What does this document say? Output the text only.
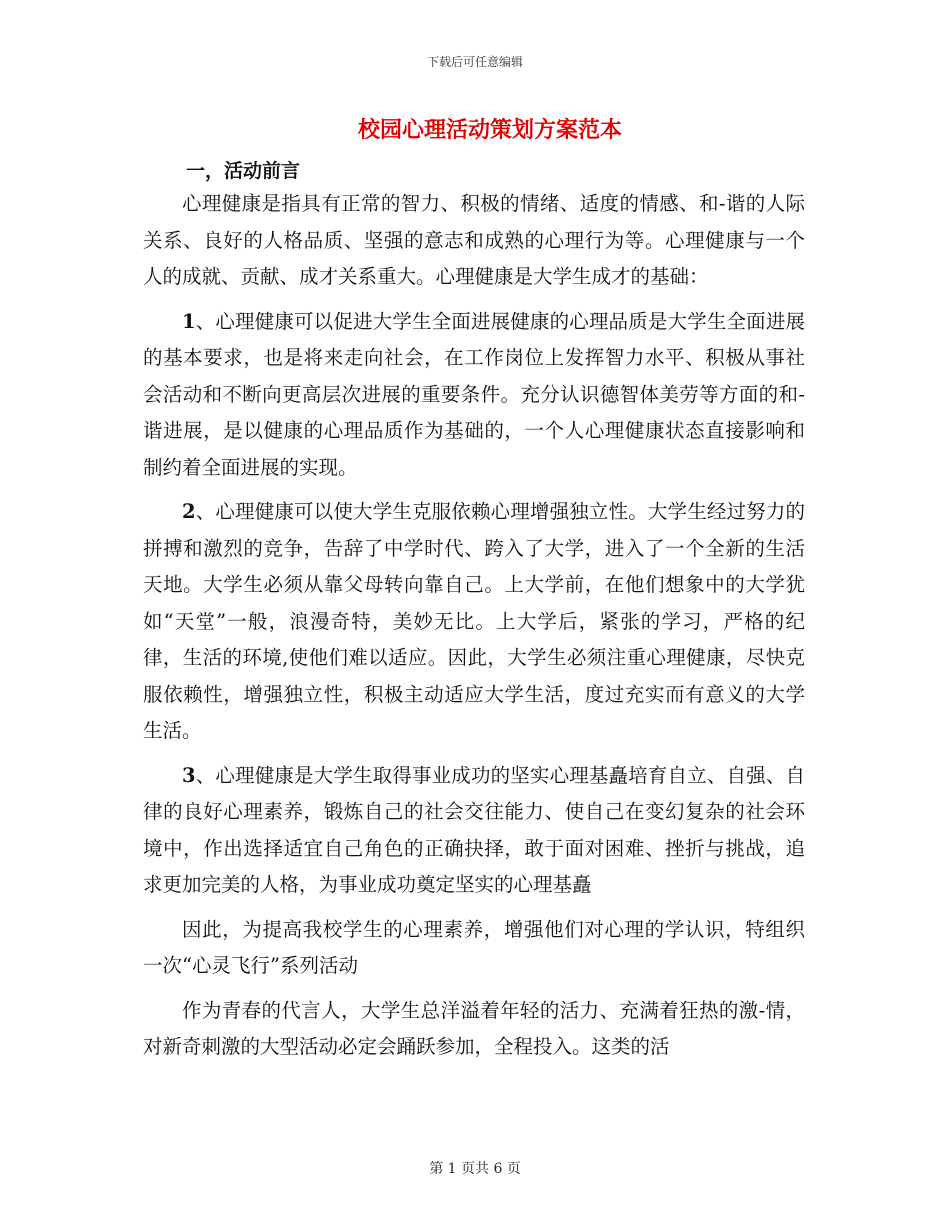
下载后可任意编辑
校园心理活动策划方案范本
一，活动前言

心理健康是指具有正常的智力、积极的情绪、适度的情感、和-谐的人际关系、良好的人格品质、坚强的意志和成熟的心理行为等。心理健康与一个人的成就、贡献、成才关系重大。心理健康是大学生成才的基础：

1、心理健康可以促进大学生全面进展健康的心理品质是大学生全面进展的基本要求，也是将来走向社会，在工作岗位上发挥智力水平、积极从事社会活动和不断向更高层次进展的重要条件。充分认识德智体美劳等方面的和-谐进展，是以健康的心理品质作为基础的，一个人心理健康状态直接影响和制约着全面进展的实现。

2、心理健康可以使大学生克服依赖心理增强独立性。大学生经过努力的拼搏和激烈的竞争，告辞了中学时代、跨入了大学，进入了一个全新的生活天地。大学生必须从靠父母转向靠自己。上大学前，在他们想象中的大学犹如“天堂”一般，浪漫奇特，美妙无比。上大学后，紧张的学习，严格的纪律，生活的环境,使他们难以适应。因此，大学生必须注重心理健康，尽快克服依赖性，增强独立性，积极主动适应大学生活，度过充实而有意义的大学生活。

3、心理健康是大学生取得事业成功的坚实心理基矗培育自立、自强、自律的良好心理素养，锻炼自己的社会交往能力、使自己在变幻复杂的社会环境中，作出选择适宜自己角色的正确抉择，敢于面对困难、挫折与挑战，追求更加完美的人格，为事业成功奠定坚实的心理基矗

因此，为提高我校学生的心理素养，增强他们对心理的学认识，特组织一次“心灵飞行”系列活动

作为青春的代言人，大学生总洋溢着年轻的活力、充满着狂热的激-情，对新奇刺激的大型活动必定会踊跃参加，全程投入。这类的活

第 1 页共 6 页
